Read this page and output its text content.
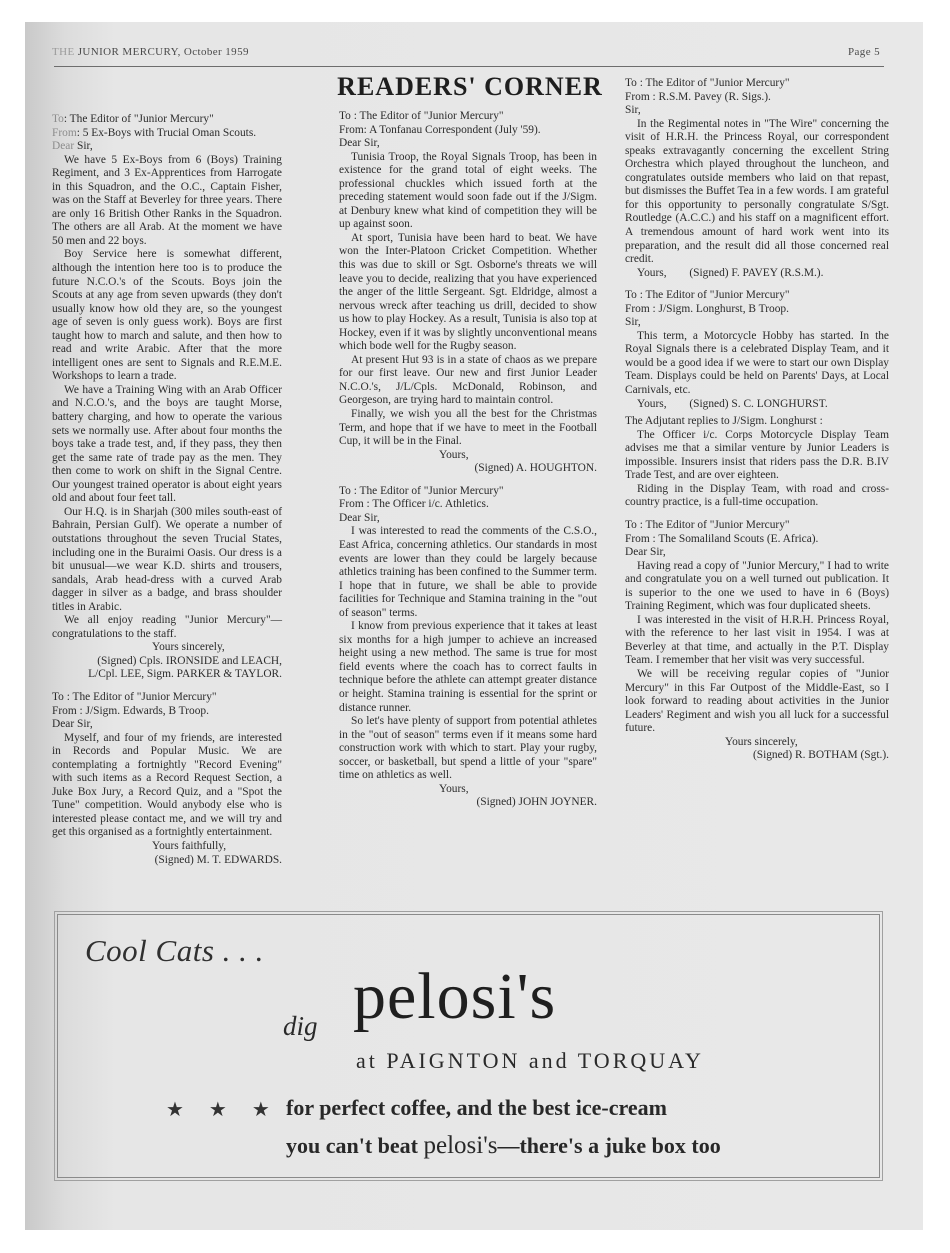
THE JUNIOR MERCURY, October 1959	Page 5
READERS' CORNER

To: The Editor of "Junior Mercury"

From: 5 Ex-Boys with Trucial Oman Scouts.

Dear Sir,

We have 5 Ex-Boys from 6 (Boys) Training Regiment, and 3 Ex-Apprentices from Harrogate in this Squadron, and the O.C., Captain Fisher, was on the Staff at Beverley for three years. There are only 16 British Other Ranks in the Squadron. The others are all Arab. At the moment we have 50 men and 22 boys.

Boy Service here is somewhat different, although the intention here too is to produce the future N.C.O.'s of the Scouts. Boys join the Scouts at any age from seven upwards (they don't usually know how old they are, so the youngest age of seven is only guess work). Boys are first taught how to march and salute, and then how to read and write Arabic. After that the more intelligent ones are sent to Signals and R.E.M.E. Workshops to learn a trade.

We have a Training Wing with an Arab Officer and N.C.O.'s, and the boys are taught Morse, battery charging, and how to operate the various sets we normally use. After about four months the boys take a trade test, and, if they pass, they then get the same rate of trade pay as the men. They then come to work on shift in the Signal Centre. Our youngest trained operator is about eight years old and about four feet tall.

Our H.Q. is in Sharjah (300 miles south-east of Bahrain, Persian Gulf). We operate a number of outstations throughout the seven Trucial States, including one in the Buraimi Oasis. Our dress is a bit unusual—we wear K.D. shirts and trousers, sandals, Arab head-dress with a curved Arab dagger in silver as a badge, and brass shoulder titles in Arabic.

We all enjoy reading "Junior Mercury"—congratulations to the staff.

Yours sincerely,

(Signed) Cpls. IRONSIDE and LEACH,

L/Cpl. LEE, Sigm. PARKER & TAYLOR.

To : The Editor of "Junior Mercury"

From : J/Sigm. Edwards, B Troop.

Dear Sir,

Myself, and four of my friends, are interested in Records and Popular Music. We are contemplating a fortnightly "Record Evening" with such items as a Record Request Section, a Juke Box Jury, a Record Quiz, and a "Spot the Tune" competition. Would anybody else who is interested please contact me, and we will try and get this organised as a fortnightly entertainment.

Yours faithfully,

(Signed) M. T. EDWARDS.

To : The Editor of "Junior Mercury"

From: A Tonfanau Correspondent (July '59).

Dear Sir,

Tunisia Troop, the Royal Signals Troop, has been in existence for the grand total of eight weeks. The professional chuckles which issued forth at the preceding statement would soon fade out if the J/Sigm. at Denbury knew what kind of competition they will be up against soon.

At sport, Tunisia have been hard to beat. We have won the Inter-Platoon Cricket Competition. Whether this was due to skill or Sgt. Osborne's threats we will leave you to decide, realizing that you have experienced the anger of the little Sergeant. Sgt. Eldridge, almost a nervous wreck after teaching us drill, decided to show us how to play Hockey. As a result, Tunisia is also top at Hockey, even if it was by slightly unconventional means which bode well for the Rugby season.

At present Hut 93 is in a state of chaos as we prepare for our first leave. Our new and first Junior Leader N.C.O.'s, J/L/Cpls. McDonald, Robinson, and Georgeson, are trying hard to maintain control.

Finally, we wish you all the best for the Christmas Term, and hope that if we have to meet in the Football Cup, it will be in the Final.

Yours,

(Signed) A. HOUGHTON.

To : The Editor of "Junior Mercury"

From : The Officer i/c. Athletics.

Dear Sir,

I was interested to read the comments of the C.S.O., East Africa, concerning athletics. Our standards in most events are lower than they could be largely because athletics training has been confined to the Summer term. I hope that in future, we shall be able to provide facilities for Technique and Stamina training in the "out of season" terms.

I know from previous experience that it takes at least six months for a high jumper to achieve an increased height using a new method. The same is true for most field events where the coach has to correct faults in technique before the athlete can attempt greater distance or height. Stamina training is essential for the sprint or distance runner.

So let's have plenty of support from potential athletes in the "out of season" terms even if it means some hard construction work with which to start. Play your rugby, soccer, or basketball, but spend a little of your "spare" time on athletics as well.

Yours,

(Signed) JOHN JOYNER.

To : The Editor of "Junior Mercury"

From : R.S.M. Pavey (R. Sigs.).

Sir,

In the Regimental notes in "The Wire" concerning the visit of H.R.H. the Princess Royal, our correspondent speaks extravagantly concerning the excellent String Orchestra which played throughout the luncheon, and congratulates outside members who laid on that repast, but dismisses the Buffet Tea in a few words. I am grateful for this opportunity to personally congratulate S/Sgt. Routledge (A.C.C.) and his staff on a magnificent effort. A tremendous amount of hard work went into its preparation, and the result did all those concerned real credit.

Yours, (Signed) F. PAVEY (R.S.M.).

To : The Editor of "Junior Mercury"

From : J/Sigm. Longhurst, B Troop.

Sir,

This term, a Motorcycle Hobby has started. In the Royal Signals there is a celebrated Display Team, and it would be a good idea if we were to start our own Display Team. Displays could be held on Parents' Days, at Local Carnivals, etc.

Yours, (Signed) S. C. LONGHURST.

The Adjutant replies to J/Sigm. Longhurst :

The Officer i/c. Corps Motorcycle Display Team advises me that a similar venture by Junior Leaders is impossible. Insurers insist that riders pass the D.R. B.IV Trade Test, and are over eighteen.

Riding in the Display Team, with road and cross-country practice, is a full-time occupation.

To : The Editor of "Junior Mercury"

From : The Somaliland Scouts (E. Africa).

Dear Sir,

Having read a copy of "Junior Mercury," I had to write and congratulate you on a well turned out publication. It is superior to the one we used to have in 6 (Boys) Training Regiment, which was four duplicated sheets.

I was interested in the visit of H.R.H. Princess Royal, with the reference to her last visit in 1954. I was at Beverley at that time, and actually in the P.T. Display Team. I remember that her visit was very successful.

We will be receiving regular copies of "Junior Mercury" in this Far Outpost of the Middle-East, so I look forward to reading about activities in the Junior Leaders' Regiment and wish you all luck for a successful future.

Yours sincerely,

(Signed) R. BOTHAM (Sgt.).

Cool Cats . . .
dig pelosi's
at PAIGNTON and TORQUAY
★ ★ ★ for perfect coffee, and the best ice-cream
you can't beat pelosi's—there's a juke box too
